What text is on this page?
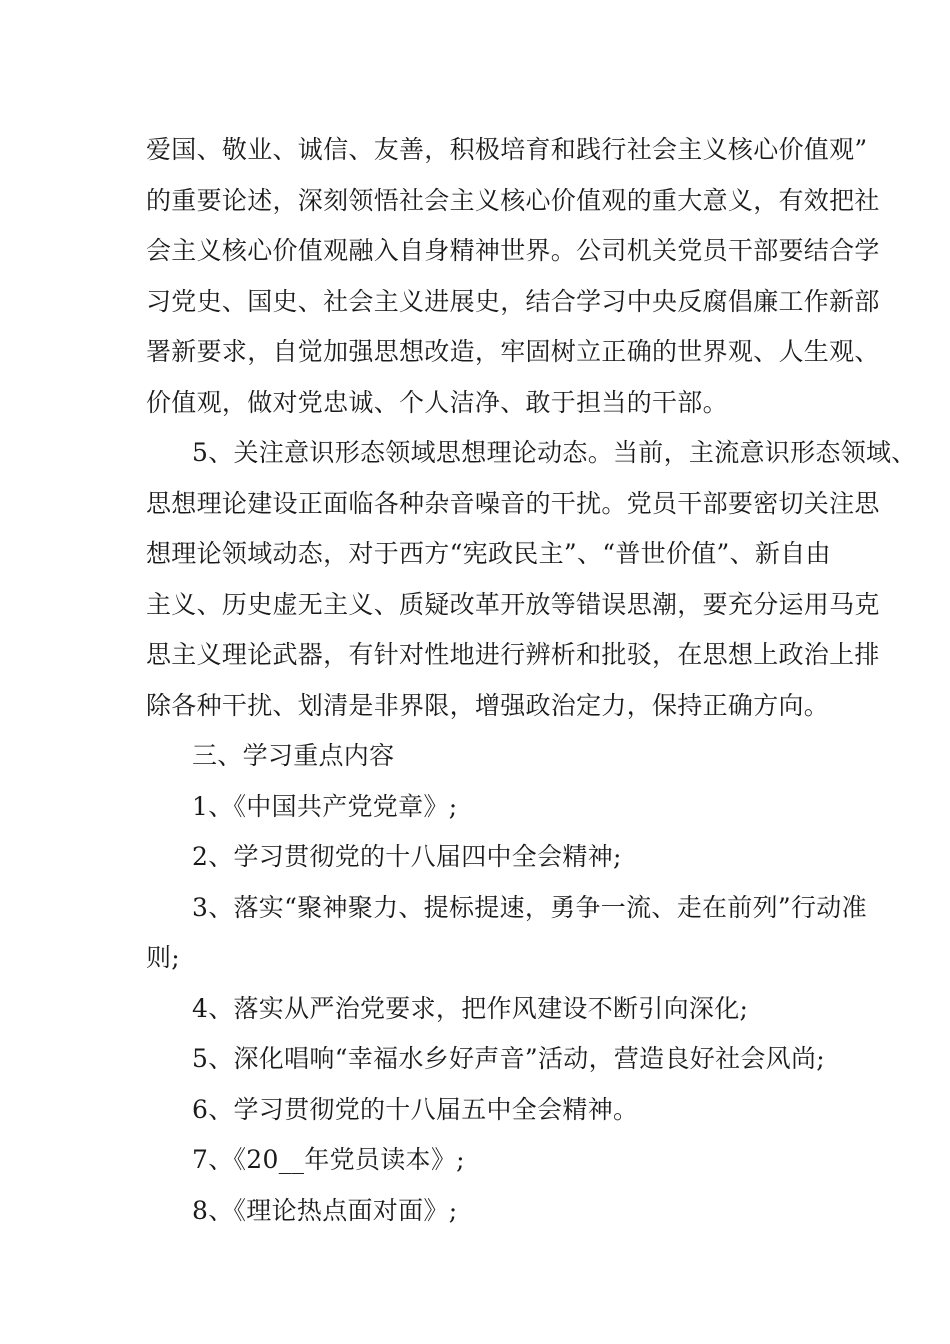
爱国、敬业、诚信、友善，积极培育和践行社会主义核心价值观”
的重要论述，深刻领悟社会主义核心价值观的重大意义，有效把社
会主义核心价值观融入自身精神世界。公司机关党员干部要结合学
习党史、国史、社会主义进展史，结合学习中央反腐倡廉工作新部
署新要求，自觉加强思想改造，牢固树立正确的世界观、人生观、
价值观，做对党忠诚、个人洁净、敢于担当的干部。
5、关注意识形态领域思想理论动态。当前，主流意识形态领域、
思想理论建设正面临各种杂音噪音的干扰。党员干部要密切关注思
想理论领域动态，对于西方“宪政民主”、“普世价值”、新自由
主义、历史虚无主义、质疑改革开放等错误思潮，要充分运用马克
思主义理论武器，有针对性地进行辨析和批驳，在思想上政治上排
除各种干扰、划清是非界限，增强政治定力，保持正确方向。
三、学习重点内容
1、《中国共产党党章》;
2、学习贯彻党的十八届四中全会精神;
3、落实“聚神聚力、提标提速，勇争一流、走在前列”行动准
则;
4、落实从严治党要求，把作风建设不断引向深化;
5、深化唱响“幸福水乡好声音”活动，营造良好社会风尚;
6、学习贯彻党的十八届五中全会精神。
7、《20__年党员读本》;
8、《理论热点面对面》;
